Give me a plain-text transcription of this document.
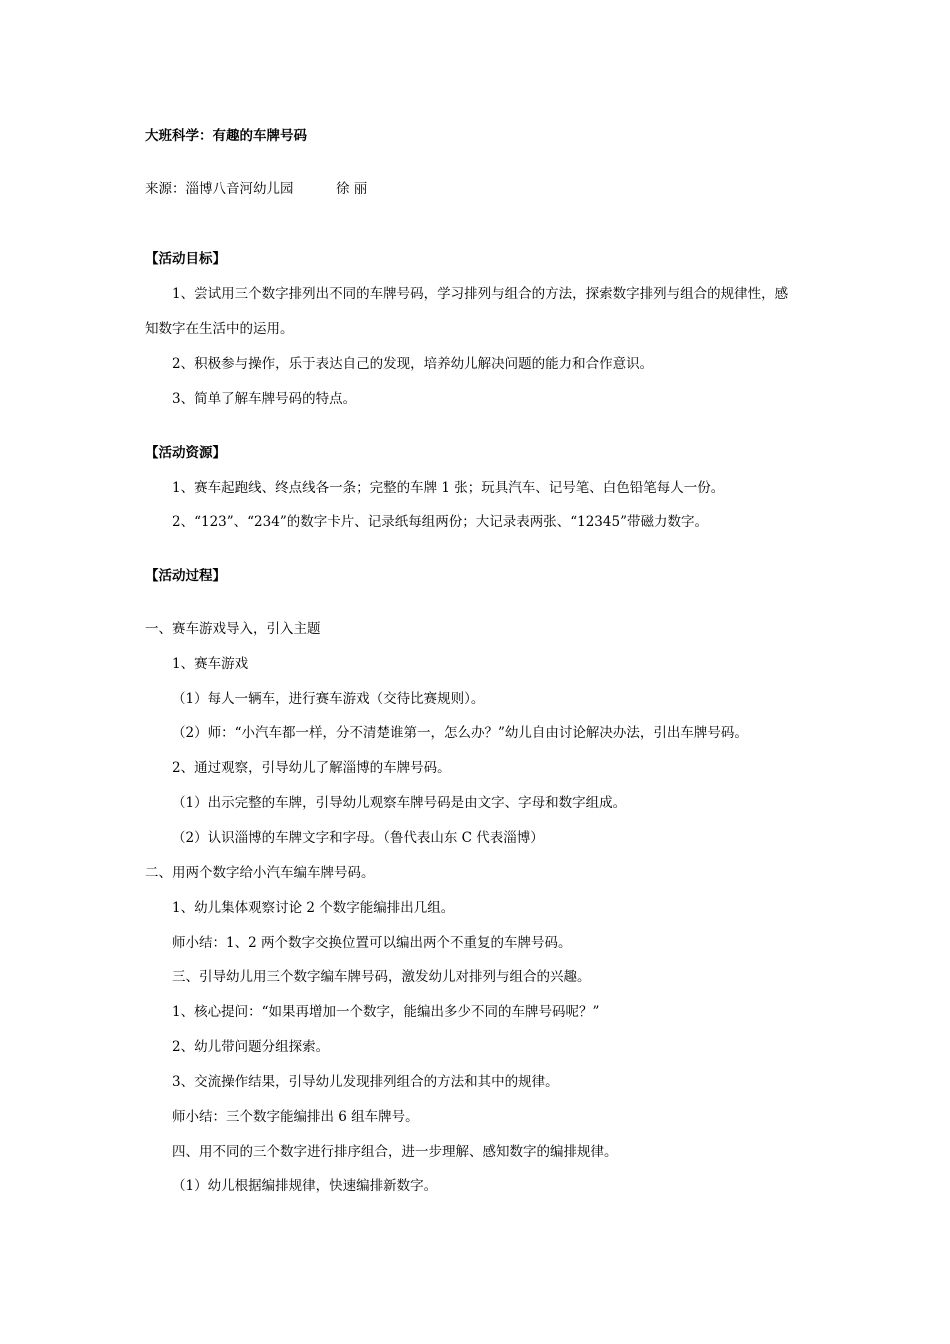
大班科学：有趣的车牌号码
来源：淄博八音河幼儿园	徐 丽
【活动目标】
1、尝试用三个数字排列出不同的车牌号码，学习排列与组合的方法，探索数字排列与组合的规律性，感
知数字在生活中的运用。
2、积极参与操作，乐于表达自己的发现，培养幼儿解决问题的能力和合作意识。
3、简单了解车牌号码的特点。
【活动资源】
1、赛车起跑线、终点线各一条；完整的车牌 1 张；玩具汽车、记号笔、白色铅笔每人一份。
2、“123”、“234”的数字卡片、记录纸每组两份；大记录表两张、“12345”带磁力数字。
【活动过程】
一、赛车游戏导入，引入主题
1、赛车游戏
（1）每人一辆车，进行赛车游戏（交待比赛规则）。
（2）师：“小汽车都一样，分不清楚谁第一，怎么办？”幼儿自由讨论解决办法，引出车牌号码。
2、通过观察，引导幼儿了解淄博的车牌号码。
（1）出示完整的车牌，引导幼儿观察车牌号码是由文字、字母和数字组成。
（2）认识淄博的车牌文字和字母。（鲁代表山东 C 代表淄博）
二、用两个数字给小汽车编车牌号码。
1、幼儿集体观察讨论 2 个数字能编排出几组。
师小结：1、2 两个数字交换位置可以编出两个不重复的车牌号码。
三、引导幼儿用三个数字编车牌号码，激发幼儿对排列与组合的兴趣。
1、核心提问：“如果再增加一个数字，能编出多少不同的车牌号码呢？”
2、幼儿带问题分组探索。
3、交流操作结果，引导幼儿发现排列组合的方法和其中的规律。
师小结：三个数字能编排出 6 组车牌号。
四、用不同的三个数字进行排序组合，进一步理解、感知数字的编排规律。
（1）幼儿根据编排规律，快速编排新数字。
